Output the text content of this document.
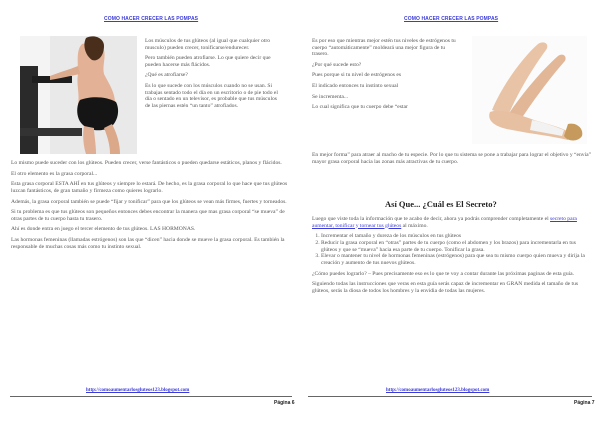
COMO HACER CRECER LAS POMPAS

Los músculos de tus glúteos (al igual que cualquier otro musculo) pueden crecer, tonificarse/endurecer.

Pero también pueden atrofiarse. Lo que quiere decir que pueden hacerse más flácidos.

¿Qué es atrofiarse?

Es lo que sucede con los músculos cuando no se usan. Si trabajas sentado todo el día en un escritorio o de pie todo el día o sentado en un televisor, es probable que tus músculos de las piernas estén “un tanto” atrofiados.

Lo mismo puede suceder con los glúteos. Pueden crecer, verse fantásticos o pueden quedarse estáticos, planos y flácidos.

El otro elemento es la grasa corporal...

Esta grasa corporal ESTA AHÍ en tus glúteos y siempre lo estará. De hecho, es la grasa corporal lo que hace que tus glúteos luzcan fantásticos, de gran tamaño y firmeza como quieres lograrlo.

Además, la grasa corporal también se puede “fijar y tonificar” para que los glúteos se vean más firmes, fuertes y torneados.

Si tu problema es que tus glúteos son pequeños entonces debes encontrar la manera que mas grasa corporal “se mueva” de otras partes de tu cuerpo hasta tu trasero.

Ahí es donde entra en juego el tercer elemento de tus glúteos. LAS HORMONAS.

Las hormonas femeninas (llamadas estrógenos) son las que “dicen” hacia donde se mueve la grasa corporal. Es también la responsable de muchas cosas más como tu instinto sexual.

http://comoaumentarlosgluteos123.blogspot.com
Página 6
COMO HACER CRECER LAS POMPAS

Es por eso que mientras mejor estén tus niveles de estrógenos tu cuerpo “automáticamente” moldeará una mejor figura de tu trasero.

¿Por qué sucede esto?

Pues porque si tu nivel de estrógenos es

El indicado entonces tu instinto sexual

Se incrementa...

Lo cual significa que tu cuerpo debe “estar

En mejor forma” para atraer al macho de tu especie. Por lo que tu sistema se pone a trabajar para lograr el objetivo y “envía” mayor grasa corporal hacia las zonas más atractivas de tu cuerpo.

Así Que... ¿Cuál es El Secreto?

Luego que viste toda la información que te acabo de decir, ahora ya podrás comprender completamente el secreto para aumentar, tonificar y tornear tus glúteos al máximo.

1. Incrementar el tamaño y dureza de los músculos en tus glúteos
2. Reducir la grasa corporal en “otras” partes de tu cuerpo (como el abdomen y los brazos) para incrementarla en tus glúteos y que se “mueva” hacia esa parte de tu cuerpo. Tonificar la grasa.
3. Elevar o mantener tu nivel de hormonas femeninas (estrógenos) para que sea tu mismo cuerpo quien mueva y dirija la creación y aumento de tus nuevos glúteos.

¿Cómo puedes lograrlo? – Pues precisamente eso es lo que te voy a contar durante las próximas paginas de esta guía.

Siguiendo todas las instrucciones que veras en esta guía serás capaz de incrementar en GRAN medida el tamaño de tus glúteos, serás la diosa de todos los hombres y la envidia de todas las mujeres.

http://comoaumentarlosgluteos123.blogspot.com
Página 7
